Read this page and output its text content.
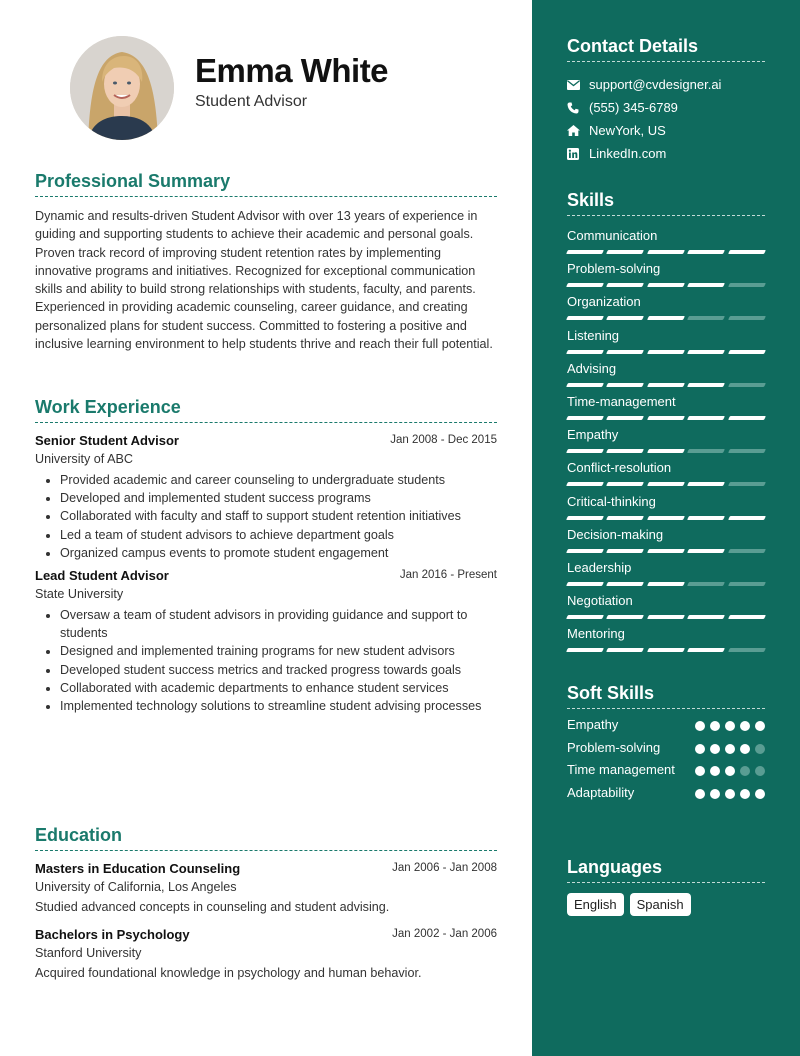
Emma White
Student Advisor
Professional Summary

Dynamic and results-driven Student Advisor with over 13 years of experience in guiding and supporting students to achieve their academic and personal goals. Proven track record of improving student retention rates by implementing innovative programs and initiatives. Recognized for exceptional communication skills and ability to build strong relationships with students, faculty, and parents. Experienced in providing academic counseling, career guidance, and creating personalized plans for student success. Committed to fostering a positive and inclusive learning environment to help students thrive and reach their full potential.

Work Experience
Senior Student Advisor	Jan 2008 - Dec 2015
University of ABC
• Provided academic and career counseling to undergraduate students
• Developed and implemented student success programs
• Collaborated with faculty and staff to support student retention initiatives
• Led a team of student advisors to achieve department goals
• Organized campus events to promote student engagement
Lead Student Advisor	Jan 2016 - Present
State University
• Oversaw a team of student advisors in providing guidance and support to students
• Designed and implemented training programs for new student advisors
• Developed student success metrics and tracked progress towards goals
• Collaborated with academic departments to enhance student services
• Implemented technology solutions to streamline student advising processes
Education
Masters in Education Counseling	Jan 2006 - Jan 2008
University of California, Los Angeles
Studied advanced concepts in counseling and student advising.
Bachelors in Psychology	Jan 2002 - Jan 2006
Stanford University
Acquired foundational knowledge in psychology and human behavior.
Contact Details
support@cvdesigner.ai
(555) 345-6789
NewYork, US
LinkedIn.com
Skills
Communication
Problem-solving
Organization
Listening
Advising
Time-management
Empathy
Conflict-resolution
Critical-thinking
Decision-making
Leadership
Negotiation
Mentoring
Soft Skills
Empathy
Problem-solving
Time management
Adaptability
Languages
English	Spanish
